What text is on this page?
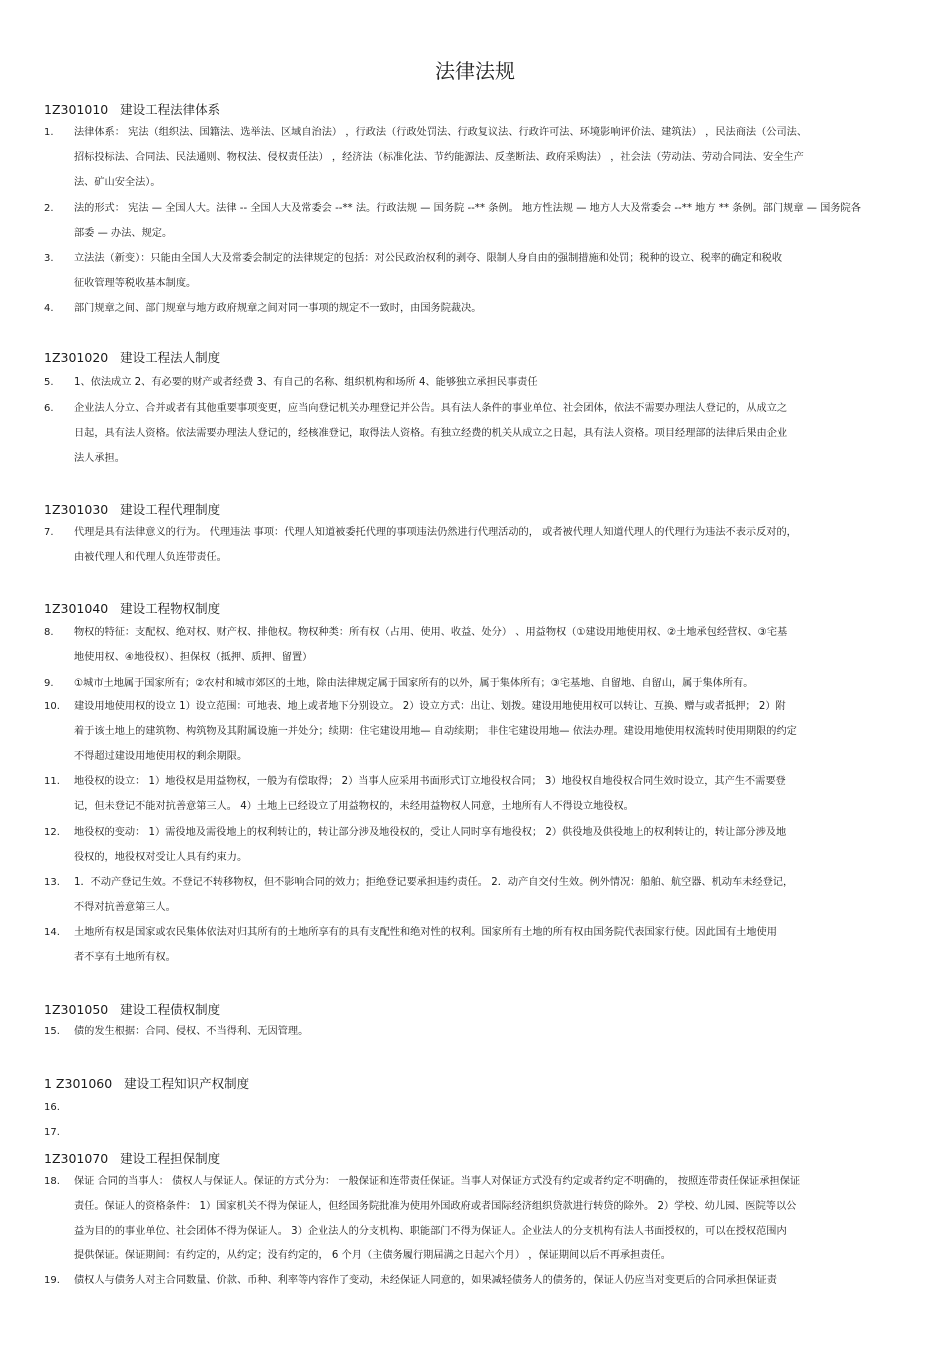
法律法规
1Z301010 建设工程法律体系
1Z301020 建设工程法人制度
1Z301030 建设工程代理制度
1Z301040 建设工程物权制度
1Z301050 建设工程债权制度
1 Z301060 建设工程知识产权制度
1Z301070 建设工程担保制度
1. 法律体系： 宪法（组织法、国籍法、选举法、区域自治法） ，行政法（行政处罚法、行政复议法、行政许可法、环境影响评价法、建筑法） ，民法商法（公司法、
招标投标法、合同法、民法通则、物权法、侵权责任法） ，经济法（标准化法、节约能源法、反垄断法、政府采购法） ，社会法（劳动法、劳动合同法、安全生产
法、矿山安全法）。
2. 法的形式： 宪法 — 全国人大。法律 -- 全国人大及常委会 --** 法。行政法规 — 国务院 --** 条例。 地方性法规 — 地方人大及常委会 --** 地方 ** 条例。部门规章 — 国务院各
部委 — 办法、规定。
3. 立法法（新变）：只能由全国人大及常委会制定的法律规定的包括：对公民政治权利的剥夺、限制人身自由的强制措施和处罚；税种的设立、税率的确定和税收
征收管理等税收基本制度。
4. 部门规章之间、部门规章与地方政府规章之间对同一事项的规定不一致时，由国务院裁决。
5. 1、依法成立 2、有必要的财产或者经费 3、有自己的名称、组织机构和场所 4、能够独立承担民事责任
6. 企业法人分立、合并或者有其他重要事项变更，应当向登记机关办理登记并公告。具有法人条件的事业单位、社会团体，依法不需要办理法人登记的，从成立之
日起，具有法人资格。依法需要办理法人登记的，经核准登记，取得法人资格。有独立经费的机关从成立之日起，具有法人资格。项目经理部的法律后果由企业
法人承担。
7. 代理是具有法律意义的行为。 代理违法 事项：代理人知道被委托代理的事项违法仍然进行代理活动的， 或者被代理人知道代理人的代理行为违法不表示反对的，
由被代理人和代理人负连带责任。
8. 物权的特征：支配权、绝对权、财产权、排他权。物权种类：所有权（占用、使用、收益、处分） 、用益物权（①建设用地使用权、②土地承包经营权、③宅基
地使用权、④地役权）、担保权（抵押、质押、留置）
9. ①城市土地属于国家所有；②农村和城市郊区的土地，除由法律规定属于国家所有的以外，属于集体所有；③宅基地、自留地、自留山，属于集体所有。
10. 建设用地使用权的设立 1）设立范围：可地表、地上或者地下分别设立。 2）设立方式：出让、划拨。建设用地使用权可以转让、互换、赠与或者抵押； 2）附
着于该土地上的建筑物、构筑物及其附属设施一并处分；续期：住宅建设用地— 自动续期； 非住宅建设用地— 依法办理。建设用地使用权流转时使用期限的约定
不得超过建设用地使用权的剩余期限。
11. 地役权的设立： 1）地役权是用益物权，一般为有偿取得； 2）当事人应采用书面形式订立地役权合同； 3）地役权自地役权合同生效时设立，其产生不需要登
记，但未登记不能对抗善意第三人。 4）土地上已经设立了用益物权的，未经用益物权人同意，土地所有人不得设立地役权。
12. 地役权的变动： 1）需役地及需役地上的权利转让的，转让部分涉及地役权的，受让人同时享有地役权； 2）供役地及供役地上的权利转让的，转让部分涉及地
役权的，地役权对受让人具有约束力。
13. 1．不动产登记生效。不登记不转移物权，但不影响合同的效力；拒绝登记要承担违约责任。 2．动产自交付生效。例外情况：船舶、航空器、机动车未经登记，
不得对抗善意第三人。
14. 土地所有权是国家或农民集体依法对归其所有的土地所享有的具有支配性和绝对性的权利。国家所有土地的所有权由国务院代表国家行使。因此国有土地使用
者不享有土地所有权。
15. 债的发生根据：合同、侵权、不当得利、无因管理。
16.
17.
18. 保证 合同的当事人： 债权人与保证人。保证的方式分为： 一般保证和连带责任保证。当事人对保证方式没有约定或者约定不明确的， 按照连带责任保证承担保证
责任。保证人的资格条件： 1）国家机关不得为保证人，但经国务院批准为使用外国政府或者国际经济组织贷款进行转贷的除外。 2）学校、幼儿园、医院等以公
益为目的的事业单位、社会团体不得为保证人。 3）企业法人的分支机构、职能部门不得为保证人。企业法人的分支机构有法人书面授权的，可以在授权范围内
提供保证。保证期间：有约定的，从约定；没有约定的， 6 个月（主债务履行期届满之日起六个月） ，保证期间以后不再承担责任。
19. 债权人与债务人对主合同数量、价款、币种、利率等内容作了变动，未经保证人同意的，如果减轻债务人的债务的，保证人仍应当对变更后的合同承担保证责
